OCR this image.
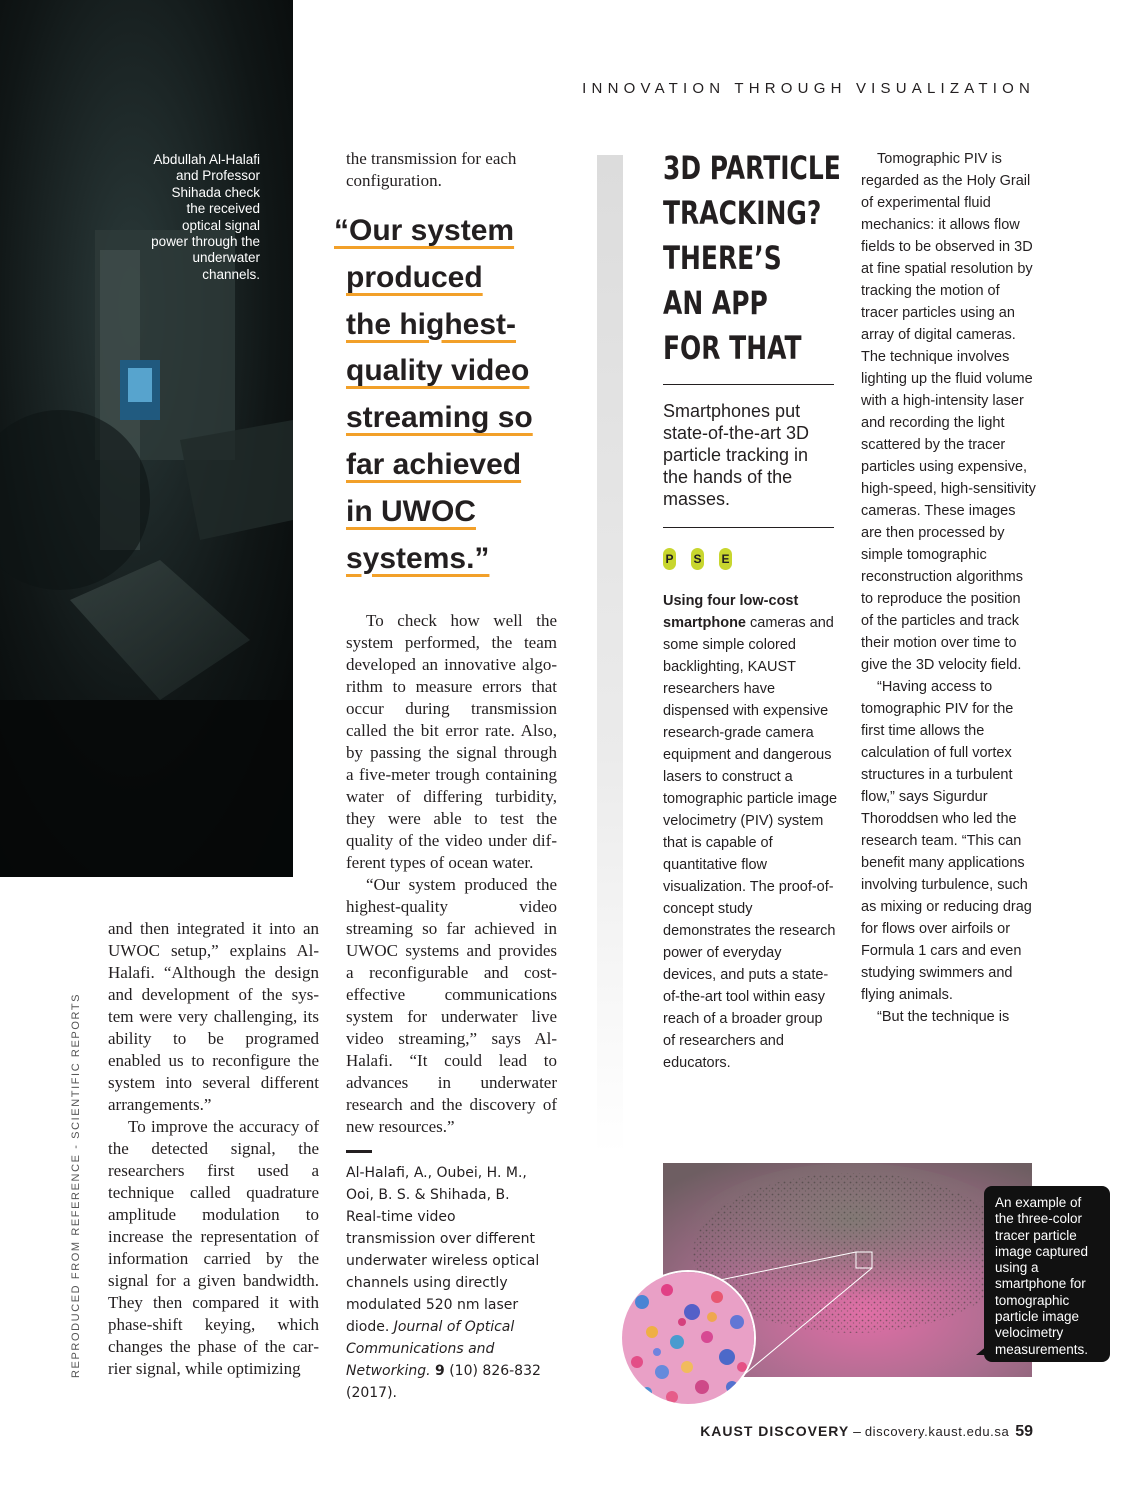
Abdullah Al-Halafi and Professor Shihada check the received optical signal power through the underwater channels.
INNOVATION THROUGH VISUALIZATION
the transmission for each configuration.
“Our system
produced
the highest-
quality video
streaming so
far achieved
in UWOC
systems.”

To check how well the system performed, the team developed an innovative algorithm to measure errors that occur during transmission called the bit error rate. Also, by passing the signal through a five-meter trough containing water of differing turbidity, they were able to test the quality of the video under different types of ocean water.

“Our system produced the highest-quality video streaming so far achieved in UWOC systems and provides a reconfigurable and cost-effective communications system for underwater live video streaming,” says Al-Halafi. “It could lead to advances in underwater research and the discovery of new resources.”

Al-Halafi, A., Oubei, H. M., Ooi, B. S. & Shihada, B. Real-time video transmission over different underwater wireless optical channels using directly modulated 520 nm laser diode. Journal of Optical Communications and Networking. 9 (10) 826-832 (2017).

and then integrated it into an UWOC setup,” explains Al-Halafi. “Although the design and development of the system were very challenging, its ability to be programed enabled us to reconfigure the system into several different arrangements.”

To improve the accuracy of the detected signal, the researchers first used a technique called quadrature amplitude modulation to increase the representation of information carried by the signal for a given bandwidth. They then compared it with phase-shift keying, which changes the phase of the carrier signal, while optimizing

REPRODUCED FROM REFERENCE - SCIENTIFIC REPORTS
3D PARTICLE
TRACKING?
THERE’S
AN APP
FOR THAT
Smartphones put state-of-the-art 3D particle tracking in the hands of the masses.
P S E

Using four low-cost smartphone cameras and some simple colored backlighting, KAUST researchers have dispensed with expensive research-grade camera equipment and dangerous lasers to construct a tomographic particle image velocimetry (PIV) system that is capable of quantitative flow visualization. The proof-of-concept study demonstrates the research power of everyday devices, and puts a state-of-the-art tool within easy reach of a broader group of researchers and educators.

Tomographic PIV is regarded as the Holy Grail of experimental fluid mechanics: it allows flow fields to be observed in 3D at fine spatial resolution by tracking the motion of tracer particles using an array of digital cameras. The technique involves lighting up the fluid volume with a high-intensity laser and recording the light scattered by the tracer particles using expensive, high-speed, high-sensitivity cameras. These images are then processed by simple tomographic reconstruction algorithms to reproduce the position of the particles and track their motion over time to give the 3D velocity field.

“Having access to tomographic PIV for the first time allows the calculation of full vortex structures in a turbulent flow,” says Sigurdur Thoroddsen who led the research team. “This can benefit many applications involving turbulence, such as mixing or reducing drag for flows over airfoils or Formula 1 cars and even studying swimmers and flying animals.

“But the technique is

An example of the three-color tracer particle image captured using a smartphone for tomographic particle image velocimetry measurements.
KAUST DISCOVERY – discovery.kaust.edu.sa 59
